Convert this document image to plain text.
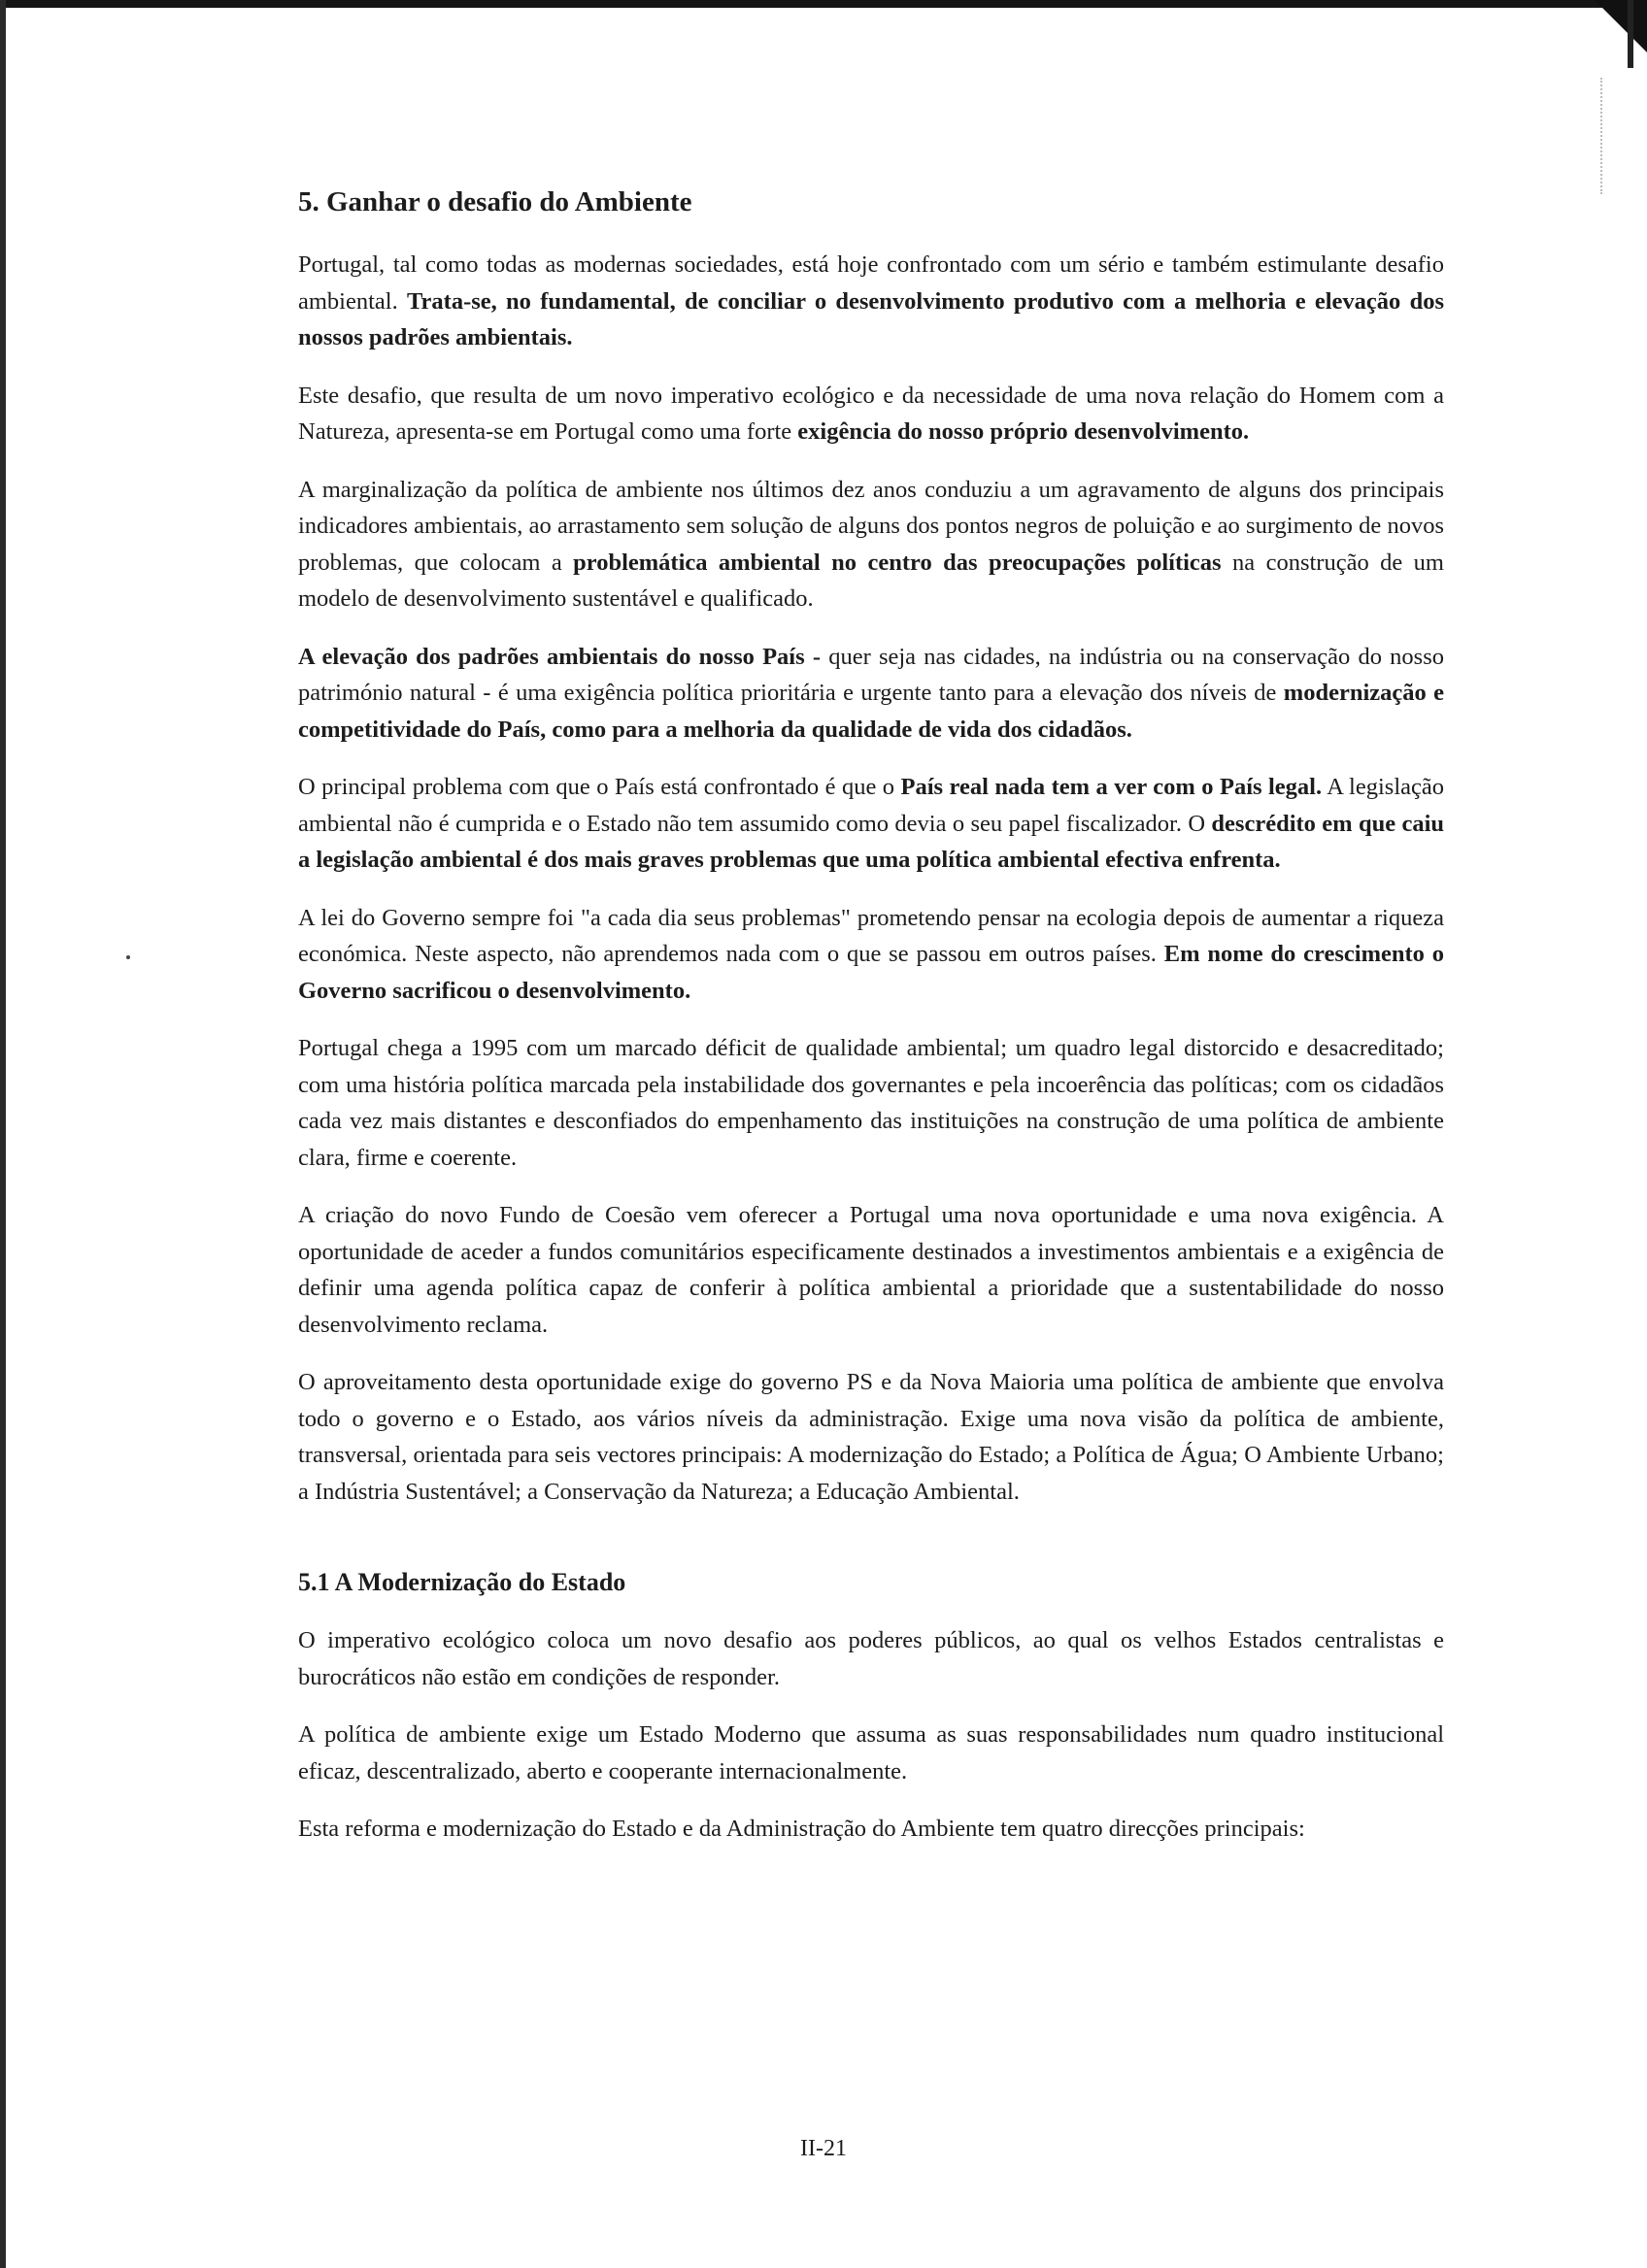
5. Ganhar o desafio do Ambiente

Portugal, tal como todas as modernas sociedades, está hoje confrontado com um sério e também estimulante desafio ambiental. Trata-se, no fundamental, de conciliar o desenvolvimento produtivo com a melhoria e elevação dos nossos padrões ambientais.

Este desafio, que resulta de um novo imperativo ecológico e da necessidade de uma nova relação do Homem com a Natureza, apresenta-se em Portugal como uma forte exigência do nosso próprio desenvolvimento.

A marginalização da política de ambiente nos últimos dez anos conduziu a um agravamento de alguns dos principais indicadores ambientais, ao arrastamento sem solução de alguns dos pontos negros de poluição e ao surgimento de novos problemas, que colocam a problemática ambiental no centro das preocupações políticas na construção de um modelo de desenvolvimento sustentável e qualificado.

A elevação dos padrões ambientais do nosso País - quer seja nas cidades, na indústria ou na conservação do nosso património natural - é uma exigência política prioritária e urgente tanto para a elevação dos níveis de modernização e competitividade do País, como para a melhoria da qualidade de vida dos cidadãos.

O principal problema com que o País está confrontado é que o País real nada tem a ver com o País legal. A legislação ambiental não é cumprida e o Estado não tem assumido como devia o seu papel fiscalizador. O descrédito em que caiu a legislação ambiental é dos mais graves problemas que uma política ambiental efectiva enfrenta.

A lei do Governo sempre foi "a cada dia seus problemas" prometendo pensar na ecologia depois de aumentar a riqueza económica. Neste aspecto, não aprendemos nada com o que se passou em outros países. Em nome do crescimento o Governo sacrificou o desenvolvimento.

Portugal chega a 1995 com um marcado déficit de qualidade ambiental; um quadro legal distorcido e desacreditado; com uma história política marcada pela instabilidade dos governantes e pela incoerência das políticas; com os cidadãos cada vez mais distantes e desconfiados do empenhamento das instituições na construção de uma política de ambiente clara, firme e coerente.

A criação do novo Fundo de Coesão vem oferecer a Portugal uma nova oportunidade e uma nova exigência. A oportunidade de aceder a fundos comunitários especificamente destinados a investimentos ambientais e a exigência de definir uma agenda política capaz de conferir à política ambiental a prioridade que a sustentabilidade do nosso desenvolvimento reclama.

O aproveitamento desta oportunidade exige do governo PS e da Nova Maioria uma política de ambiente que envolva todo o governo e o Estado, aos vários níveis da administração. Exige uma nova visão da política de ambiente, transversal, orientada para seis vectores principais: A modernização do Estado; a Política de Água; O Ambiente Urbano; a Indústria Sustentável; a Conservação da Natureza; a Educação Ambiental.

5.1 A Modernização do Estado

O imperativo ecológico coloca um novo desafio aos poderes públicos, ao qual os velhos Estados centralistas e burocráticos não estão em condições de responder.

A política de ambiente exige um Estado Moderno que assuma as suas responsabilidades num quadro institucional eficaz, descentralizado, aberto e cooperante internacionalmente.

Esta reforma e modernização do Estado e da Administração do Ambiente tem quatro direcções principais:

II-21
